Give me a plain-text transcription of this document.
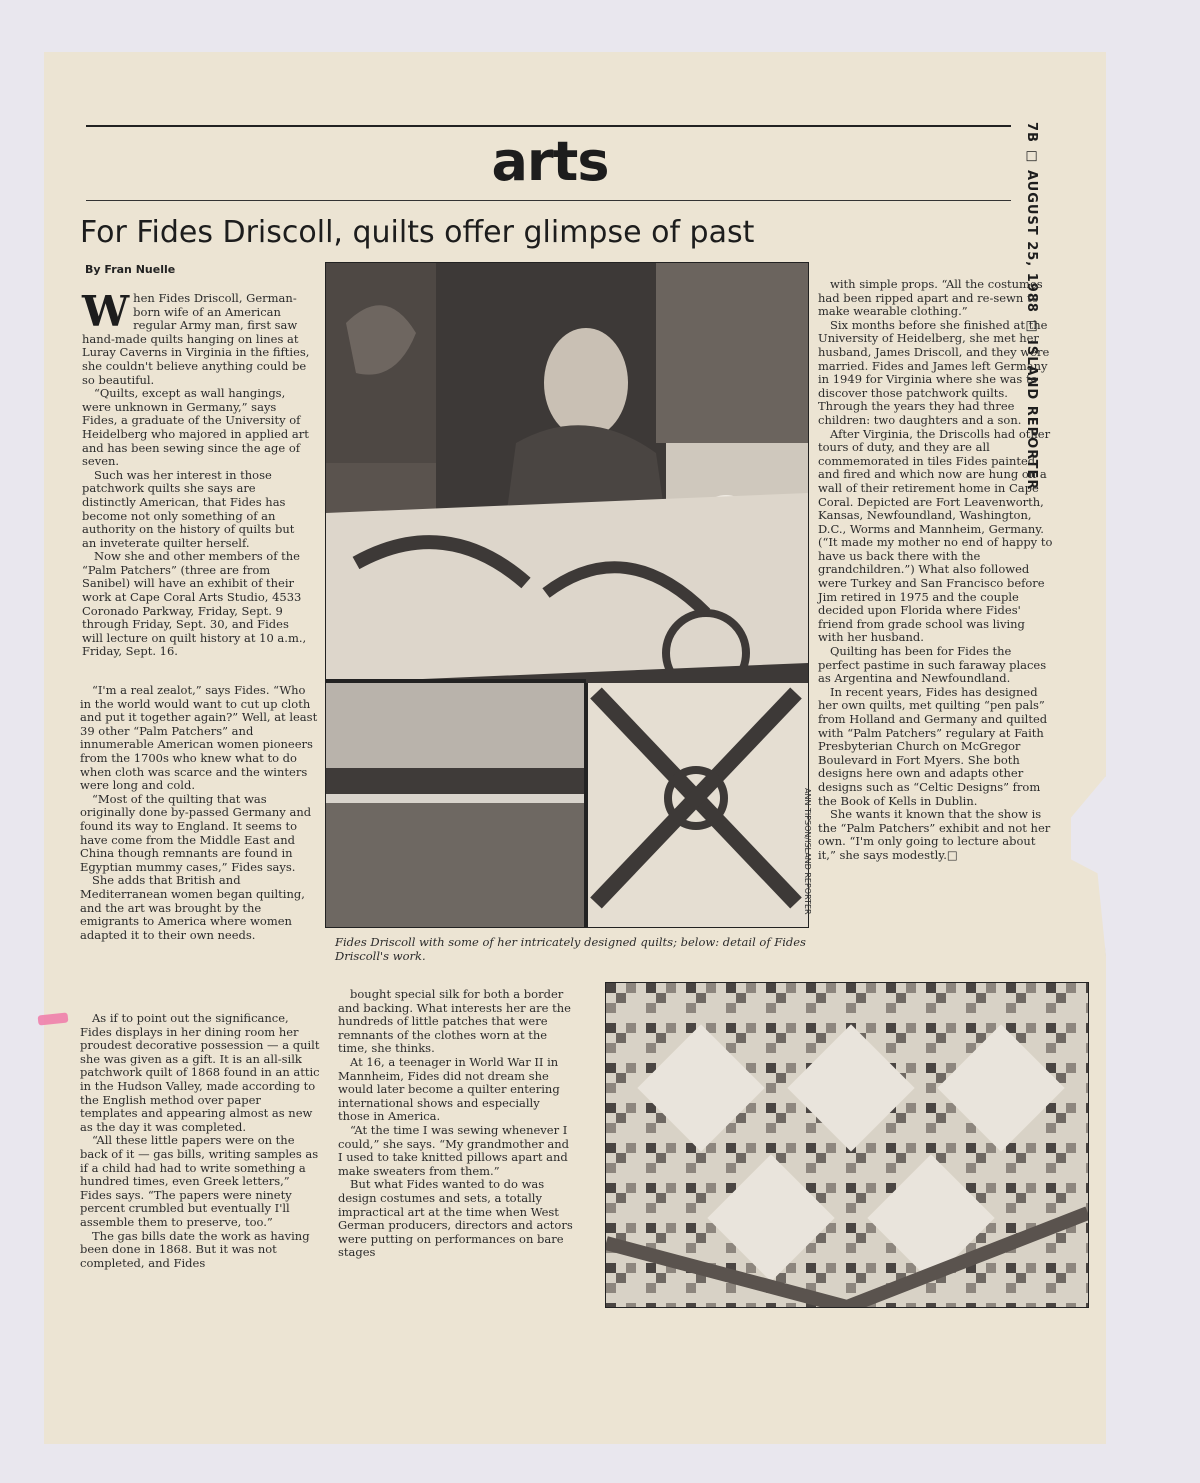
arts	7B □ AUGUST 25, 1988 □ ISLAND REPORTER
For Fides Driscoll, quilts offer glimpse of past
By Fran Nuelle

When Fides Driscoll, German-born wife of an American regular Army man, first saw hand-made quilts hanging on lines at Luray Caverns in Virginia in the fifties, she couldn't believe anything could be so beautiful.

“Quilts, except as wall hangings, were unknown in Germany,” says Fides, a graduate of the University of Heidelberg who majored in applied art and has been sewing since the age of seven.

Such was her interest in those patchwork quilts she says are distinctly American, that Fides has become not only something of an authority on the history of quilts but an inveterate quilter herself.

Now she and other members of the “Palm Patchers” (three are from Sanibel) will have an exhibit of their work at Cape Coral Arts Studio, 4533 Coronado Parkway, Friday, Sept. 9 through Friday, Sept. 30, and Fides will lecture on quilt history at 10 a.m., Friday, Sept. 16.

“I'm a real zealot,” says Fides. “Who in the world would want to cut up cloth and put it together again?” Well, at least 39 other “Palm Patchers” and innumerable American women pioneers from the 1700s who knew what to do when cloth was scarce and the winters were long and cold.

“Most of the quilting that was originally done by-passed Germany and found its way to England. It seems to have come from the Middle East and China though remnants are found in Egyptian mummy cases,” Fides says.

She adds that British and Mediterranean women began quilting, and the art was brought by the emigrants to America where women adapted it to their own needs.

As if to point out the significance, Fides displays in her dining room her proudest decorative possession — a quilt she was given as a gift. It is an all-silk patchwork quilt of 1868 found in an attic in the Hudson Valley, made according to the English method over paper templates and appearing almost as new as the day it was completed.

“All these little papers were on the back of it — gas bills, writing samples as if a child had had to write something a hundred times, even Greek letters,” Fides says. “The papers were ninety percent crumbled but eventually I'll assemble them to preserve, too.”

The gas bills date the work as having been done in 1868. But it was not completed, and Fides

ANN TIPSON/ISLAND REPORTER
Fides Driscoll with some of her intricately designed quilts; below: detail of Fides Driscoll's work.

bought special silk for both a border and backing. What interests her are the hundreds of little patches that were remnants of the clothes worn at the time, she thinks.

At 16, a teenager in World War II in Mannheim, Fides did not dream she would later become a quilter entering international shows and especially those in America.

“At the time I was sewing whenever I could,” she says. “My grandmother and I used to take knitted pillows apart and make sweaters from them.”

But what Fides wanted to do was design costumes and sets, a totally impractical art at the time when West German producers, directors and actors were putting on performances on bare stages

with simple props. “All the costumes had been ripped apart and re-sewn to make wearable clothing.”

Six months before she finished at the University of Heidelberg, she met her husband, James Driscoll, and they were married. Fides and James left Germany in 1949 for Virginia where she was to discover those patchwork quilts. Through the years they had three children: two daughters and a son.

After Virginia, the Driscolls had other tours of duty, and they are all commemorated in tiles Fides painted and fired and which now are hung on a wall of their retirement home in Cape Coral. Depicted are Fort Leavenworth, Kansas, Newfoundland, Washington, D.C., Worms and Mannheim, Germany. (“It made my mother no end of happy to have us back there with the grandchildren.”) What also followed were Turkey and San Francisco before Jim retired in 1975 and the couple decided upon Florida where Fides' friend from grade school was living with her husband.

Quilting has been for Fides the perfect pastime in such faraway places as Argentina and Newfoundland.

In recent years, Fides has designed her own quilts, met quilting “pen pals” from Holland and Germany and quilted with “Palm Patchers” regulary at Faith Presbyterian Church on McGregor Boulevard in Fort Myers. She both designs here own and adapts other designs such as “Celtic Designs” from the Book of Kells in Dublin.

She wants it known that the show is the “Palm Patchers” exhibit and not her own. “I'm only going to lecture about it,” she says modestly.□
